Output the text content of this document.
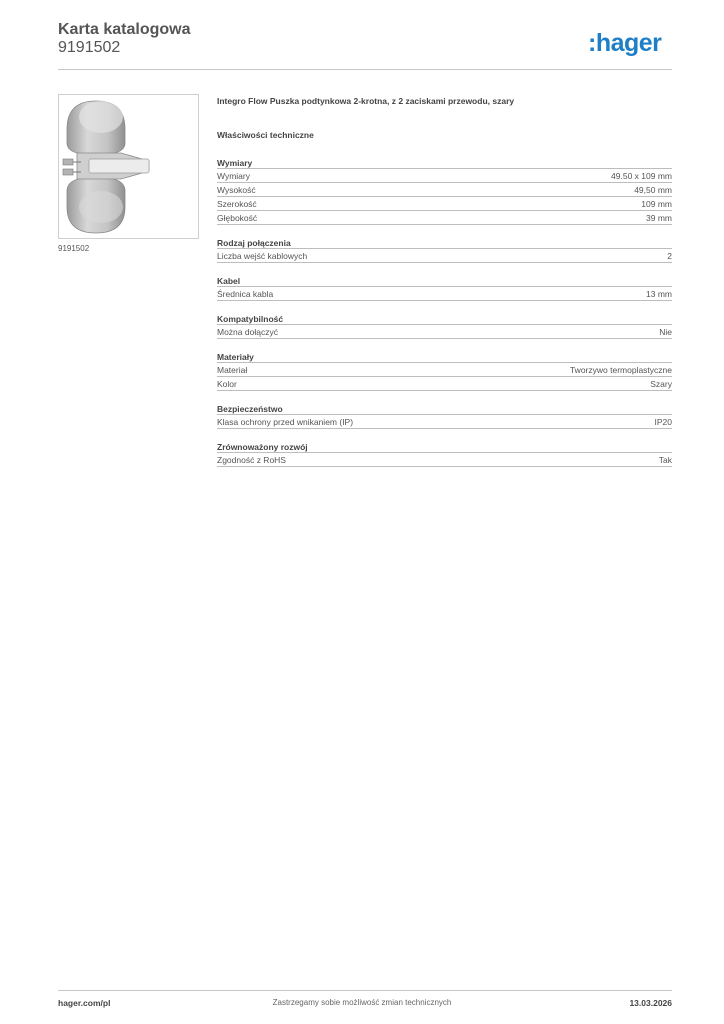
Karta katalogowa
9191502	:hager
9191502
Integro Flow Puszka podtynkowa 2-krotna, z 2 zaciskami przewodu, szary
Właściwości techniczne
Wymiary
Wymiary	49.50 x 109 mm
Wysokość	49,50 mm
Szerokość	109 mm
Głębokość	39 mm
Rodzaj połączenia
Liczba wejść kablowych	2
Kabel
Średnica kabla	13 mm
Kompatybilność
Można dołączyć	Nie
Materiały
Materiał	Tworzywo termoplastyczne
Kolor	Szary
Bezpieczeństwo
Klasa ochrony przed wnikaniem (IP)	IP20
Zrównoważony rozwój
Zgodność z RoHS	Tak
hager.com/pl	Zastrzegamy sobie możliwość zmian technicznych	13.03.2026
